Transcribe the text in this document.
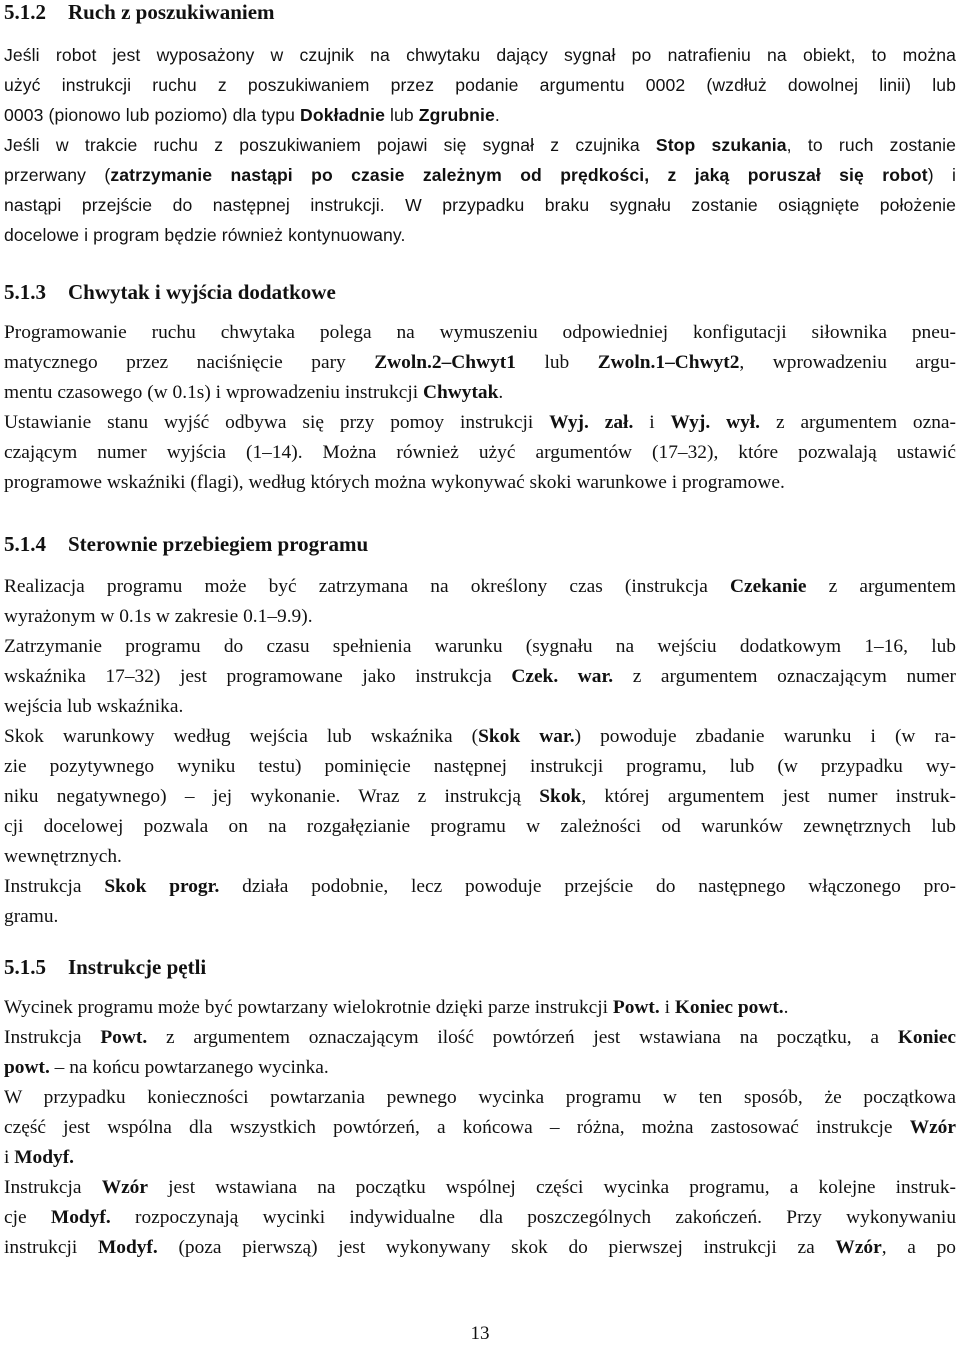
5.1.2 Ruch z poszukiwaniem
Jeśli robot jest wyposażony w czujnik na chwytaku dający sygnał po natrafieniu na obiekt, to można
użyć instrukcji ruchu z poszukiwaniem przez podanie argumentu 0002 (wzdłuż dowolnej linii) lub
0003 (pionowo lub poziomo) dla typu Dokładnie lub Zgrubnie.
Jeśli w trakcie ruchu z poszukiwaniem pojawi się sygnał z czujnika Stop szukania, to ruch zostanie
przerwany (zatrzymanie nastąpi po czasie zależnym od prędkości, z jaką poruszał się robot) i
nastąpi przejście do następnej instrukcji. W przypadku braku sygnału zostanie osiągnięte położenie
docelowe i program będzie również kontynuowany.
5.1.3 Chwytak i wyjścia dodatkowe
Programowanie ruchu chwytaka polega na wymuszeniu odpowiedniej konfigutacji siłownika pneu-
matycznego przez naciśnięcie pary Zwoln.2–Chwyt1 lub Zwoln.1–Chwyt2, wprowadzeniu argu-
mentu czasowego (w 0.1s) i wprowadzeniu instrukcji Chwytak.
Ustawianie stanu wyjść odbywa się przy pomoy instrukcji Wyj. zał. i Wyj. wył. z argumentem ozna-
czającym numer wyjścia (1–14). Można również użyć argumentów (17–32), które pozwalają ustawić
programowe wskaźniki (flagi), według których można wykonywać skoki warunkowe i programowe.
5.1.4 Sterownie przebiegiem programu
Realizacja programu może być zatrzymana na określony czas (instrukcja Czekanie z argumentem
wyrażonym w 0.1s w zakresie 0.1–9.9).
Zatrzymanie programu do czasu spełnienia warunku (sygnału na wejściu dodatkowym 1–16, lub
wskaźnika 17–32) jest programowane jako instrukcja Czek. war. z argumentem oznaczającym numer
wejścia lub wskaźnika.
Skok warunkowy według wejścia lub wskaźnika (Skok war.) powoduje zbadanie warunku i (w ra-
zie pozytywnego wyniku testu) pominięcie następnej instrukcji programu, lub (w przypadku wy-
niku negatywnego) – jej wykonanie. Wraz z instrukcją Skok, której argumentem jest numer instruk-
cji docelowej pozwala on na rozgałęzianie programu w zależności od warunków zewnętrznych lub
wewnętrznych.
Instrukcja Skok progr. działa podobnie, lecz powoduje przejście do następnego włączonego pro-
gramu.
5.1.5 Instrukcje pętli
Wycinek programu może być powtarzany wielokrotnie dzięki parze instrukcji Powt. i Koniec powt..
Instrukcja Powt. z argumentem oznaczającym ilość powtórzeń jest wstawiana na początku, a Koniec
powt. – na końcu powtarzanego wycinka.
W przypadku konieczności powtarzania pewnego wycinka programu w ten sposób, że początkowa
część jest wspólna dla wszystkich powtórzeń, a końcowa – różna, można zastosować instrukcje Wzór
i Modyf.
Instrukcja Wzór jest wstawiana na początku wspólnej części wycinka programu, a kolejne instruk-
cje Modyf. rozpoczynają wycinki indywidualne dla poszczególnych zakończeń. Przy wykonywaniu
instrukcji Modyf. (poza pierwszą) jest wykonywany skok do pierwszej instrukcji za Wzór, a po
13
